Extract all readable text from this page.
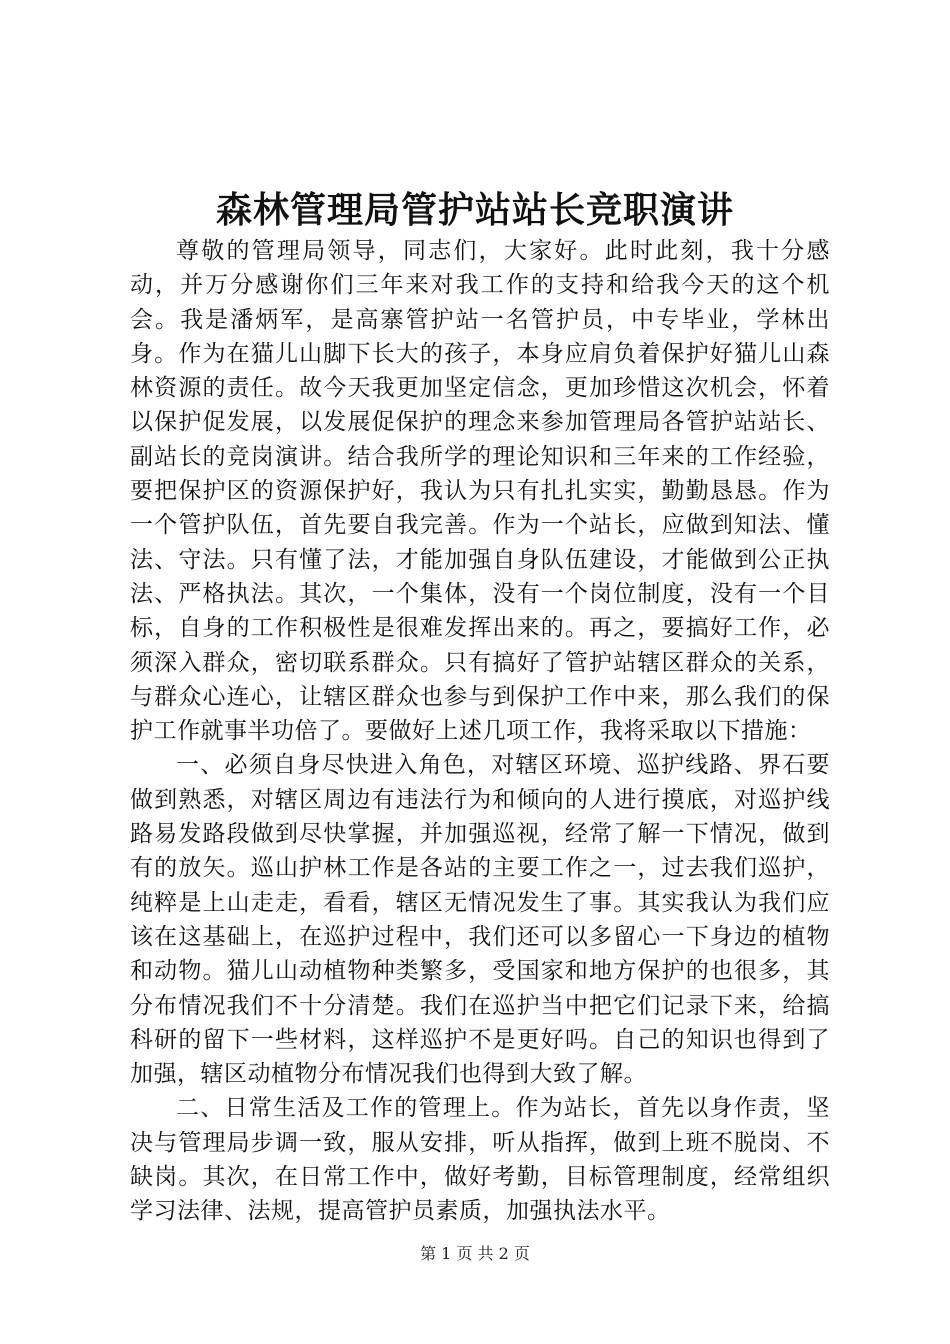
森林管理局管护站站长竞职演讲

尊敬的管理局领导，同志们，大家好。此时此刻，我十分感动，并万分感谢你们三年来对我工作的支持和给我今天的这个机会。我是潘炳军，是高寨管护站一名管护员，中专毕业，学林出身。作为在猫儿山脚下长大的孩子，本身应肩负着保护好猫儿山森林资源的责任。故今天我更加坚定信念，更加珍惜这次机会，怀着以保护促发展，以发展促保护的理念来参加管理局各管护站站长、副站长的竞岗演讲。结合我所学的理论知识和三年来的工作经验，要把保护区的资源保护好，我认为只有扎扎实实，勤勤恳恳。作为一个管护队伍，首先要自我完善。作为一个站长，应做到知法、懂法、守法。只有懂了法，才能加强自身队伍建设，才能做到公正执法、严格执法。其次，一个集体，没有一个岗位制度，没有一个目标，自身的工作积极性是很难发挥出来的。再之，要搞好工作，必须深入群众，密切联系群众。只有搞好了管护站辖区群众的关系，与群众心连心，让辖区群众也参与到保护工作中来，那么我们的保护工作就事半功倍了。要做好上述几项工作，我将采取以下措施：

一、必须自身尽快进入角色，对辖区环境、巡护线路、界石要做到熟悉，对辖区周边有违法行为和倾向的人进行摸底，对巡护线路易发路段做到尽快掌握，并加强巡视，经常了解一下情况，做到有的放矢。巡山护林工作是各站的主要工作之一，过去我们巡护，纯粹是上山走走，看看，辖区无情况发生了事。其实我认为我们应该在这基础上，在巡护过程中，我们还可以多留心一下身边的植物和动物。猫儿山动植物种类繁多，受国家和地方保护的也很多，其分布情况我们不十分清楚。我们在巡护当中把它们记录下来，给搞科研的留下一些材料，这样巡护不是更好吗。自己的知识也得到了加强，辖区动植物分布情况我们也得到大致了解。

二、日常生活及工作的管理上。作为站长，首先以身作责，坚决与管理局步调一致，服从安排，听从指挥，做到上班不脱岗、不缺岗。其次，在日常工作中，做好考勤，目标管理制度，经常组织学习法律、法规，提高管护员素质，加强执法水平。

第 1 页 共 2 页
